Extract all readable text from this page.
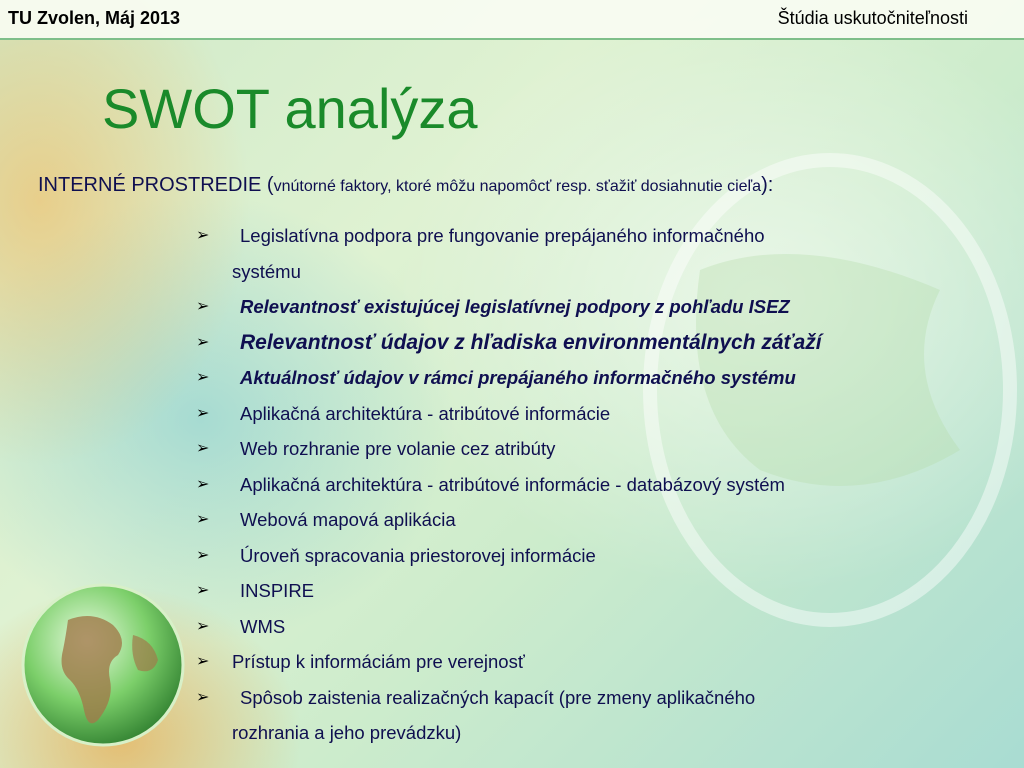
TU Zvolen, Máj 2013	Štúdia uskutočniteľnosti
SWOT analýza
INTERNÉ PROSTREDIE (vnútorné faktory, ktoré môžu napomôcť resp. sťažiť dosiahnutie cieľa):
➢ Legislatívna podpora pre fungovanie prepájaného informačného
systému
➢ Relevantnosť existujúcej legislatívnej podpory z pohľadu ISEZ
➢ Relevantnosť údajov z hľadiska environmentálnych záťaží
➢ Aktuálnosť údajov v rámci prepájaného informačného systému
➢ Aplikačná architektúra - atribútové informácie
➢ Web rozhranie pre volanie cez atribúty
➢ Aplikačná architektúra - atribútové informácie - databázový systém
➢ Webová mapová aplikácia
➢ Úroveň spracovania priestorovej informácie
➢ INSPIRE
➢ WMS
➢ Prístup k informáciám pre verejnosť
➢ Spôsob zaistenia realizačných kapacít (pre zmeny aplikačného
rozhrania a jeho prevádzku)
